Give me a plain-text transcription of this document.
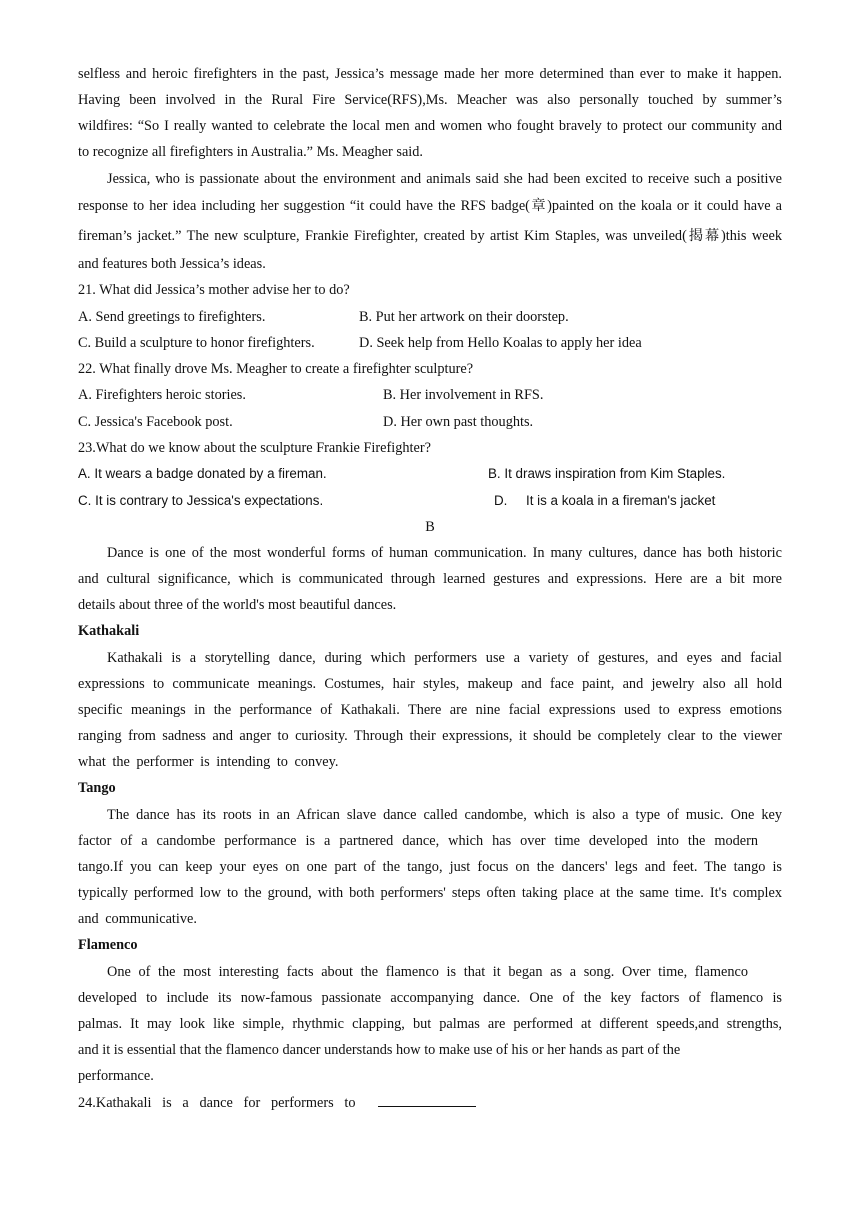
selfless and heroic firefighters in the past, Jessica’s message made her more determined than ever to make it happen.
Having been involved in the Rural Fire Service(RFS),Ms. Meacher was also personally touched by summer’s
wildfires: “So I really wanted to celebrate the local men and women who fought bravely to protect our community and
to recognize all firefighters in Australia.” Ms. Meagher said.
Jessica, who is passionate about the environment and animals said she had been excited to receive such a positive
response to her idea including her suggestion “it could have the RFS badge(章)painted on the koala or it could have a
fireman’s jacket.” The new sculpture, Frankie Firefighter, created by artist Kim Staples, was unveiled(揭幕)this week
and features both Jessica’s ideas.
21. What did Jessica’s mother advise her to do?
A. Send greetings to firefighters.	B. Put her artwork on their doorstep.
C. Build a sculpture to honor firefighters.	D. Seek help from Hello Koalas to apply her idea
22. What finally drove Ms. Meagher to create a firefighter sculpture?
A. Firefighters heroic stories.	B. Her involvement in RFS.
C. Jessica's Facebook post.	D. Her own past thoughts.
23.What do we know about the sculpture Frankie Firefighter?
A. It wears a badge donated by a fireman.	B. It draws inspiration from Kim Staples.
C. It is contrary to Jessica's expectations.	D.     It is a koala in a fireman's jacket
B
Dance is one of the most wonderful forms of human communication. In many cultures, dance has both historic
and cultural significance, which is communicated through learned gestures and expressions. Here are a bit more
details about three of the world's most beautiful dances.
Kathakali
Kathakali is a storytelling dance, during which performers use a variety of gestures, and eyes and facial
expressions to communicate meanings. Costumes, hair styles, makeup and face paint, and jewelry also all hold
specific meanings in the performance of Kathakali. There are nine facial expressions used to express emotions
ranging from sadness and anger to curiosity. Through their expressions, it should be completely clear to the viewer
what the performer is intending to convey.
Tango
The dance has its roots in an African slave dance called candombe, which is also a type of music. One key
factor of a candombe performance is a partnered dance, which has over time developed into the modern
tango.If you can keep your eyes on one part of the tango, just focus on the dancers' legs and feet. The tango is
typically performed low to the ground, with both performers' steps often taking place at the same time. It's complex
and communicative.
Flamenco
One of the most interesting facts about the flamenco is that it began as a song. Over time, flamenco
developed to include its now-famous passionate accompanying dance. One of the key factors of flamenco is
palmas. It may look like simple, rhythmic clapping, but palmas are performed at different speeds,and strengths,
and it is essential that the flamenco dancer understands how to make use of his or her hands as part of the
performance.
24.Kathakali   is   a   dance   for   performers   to
